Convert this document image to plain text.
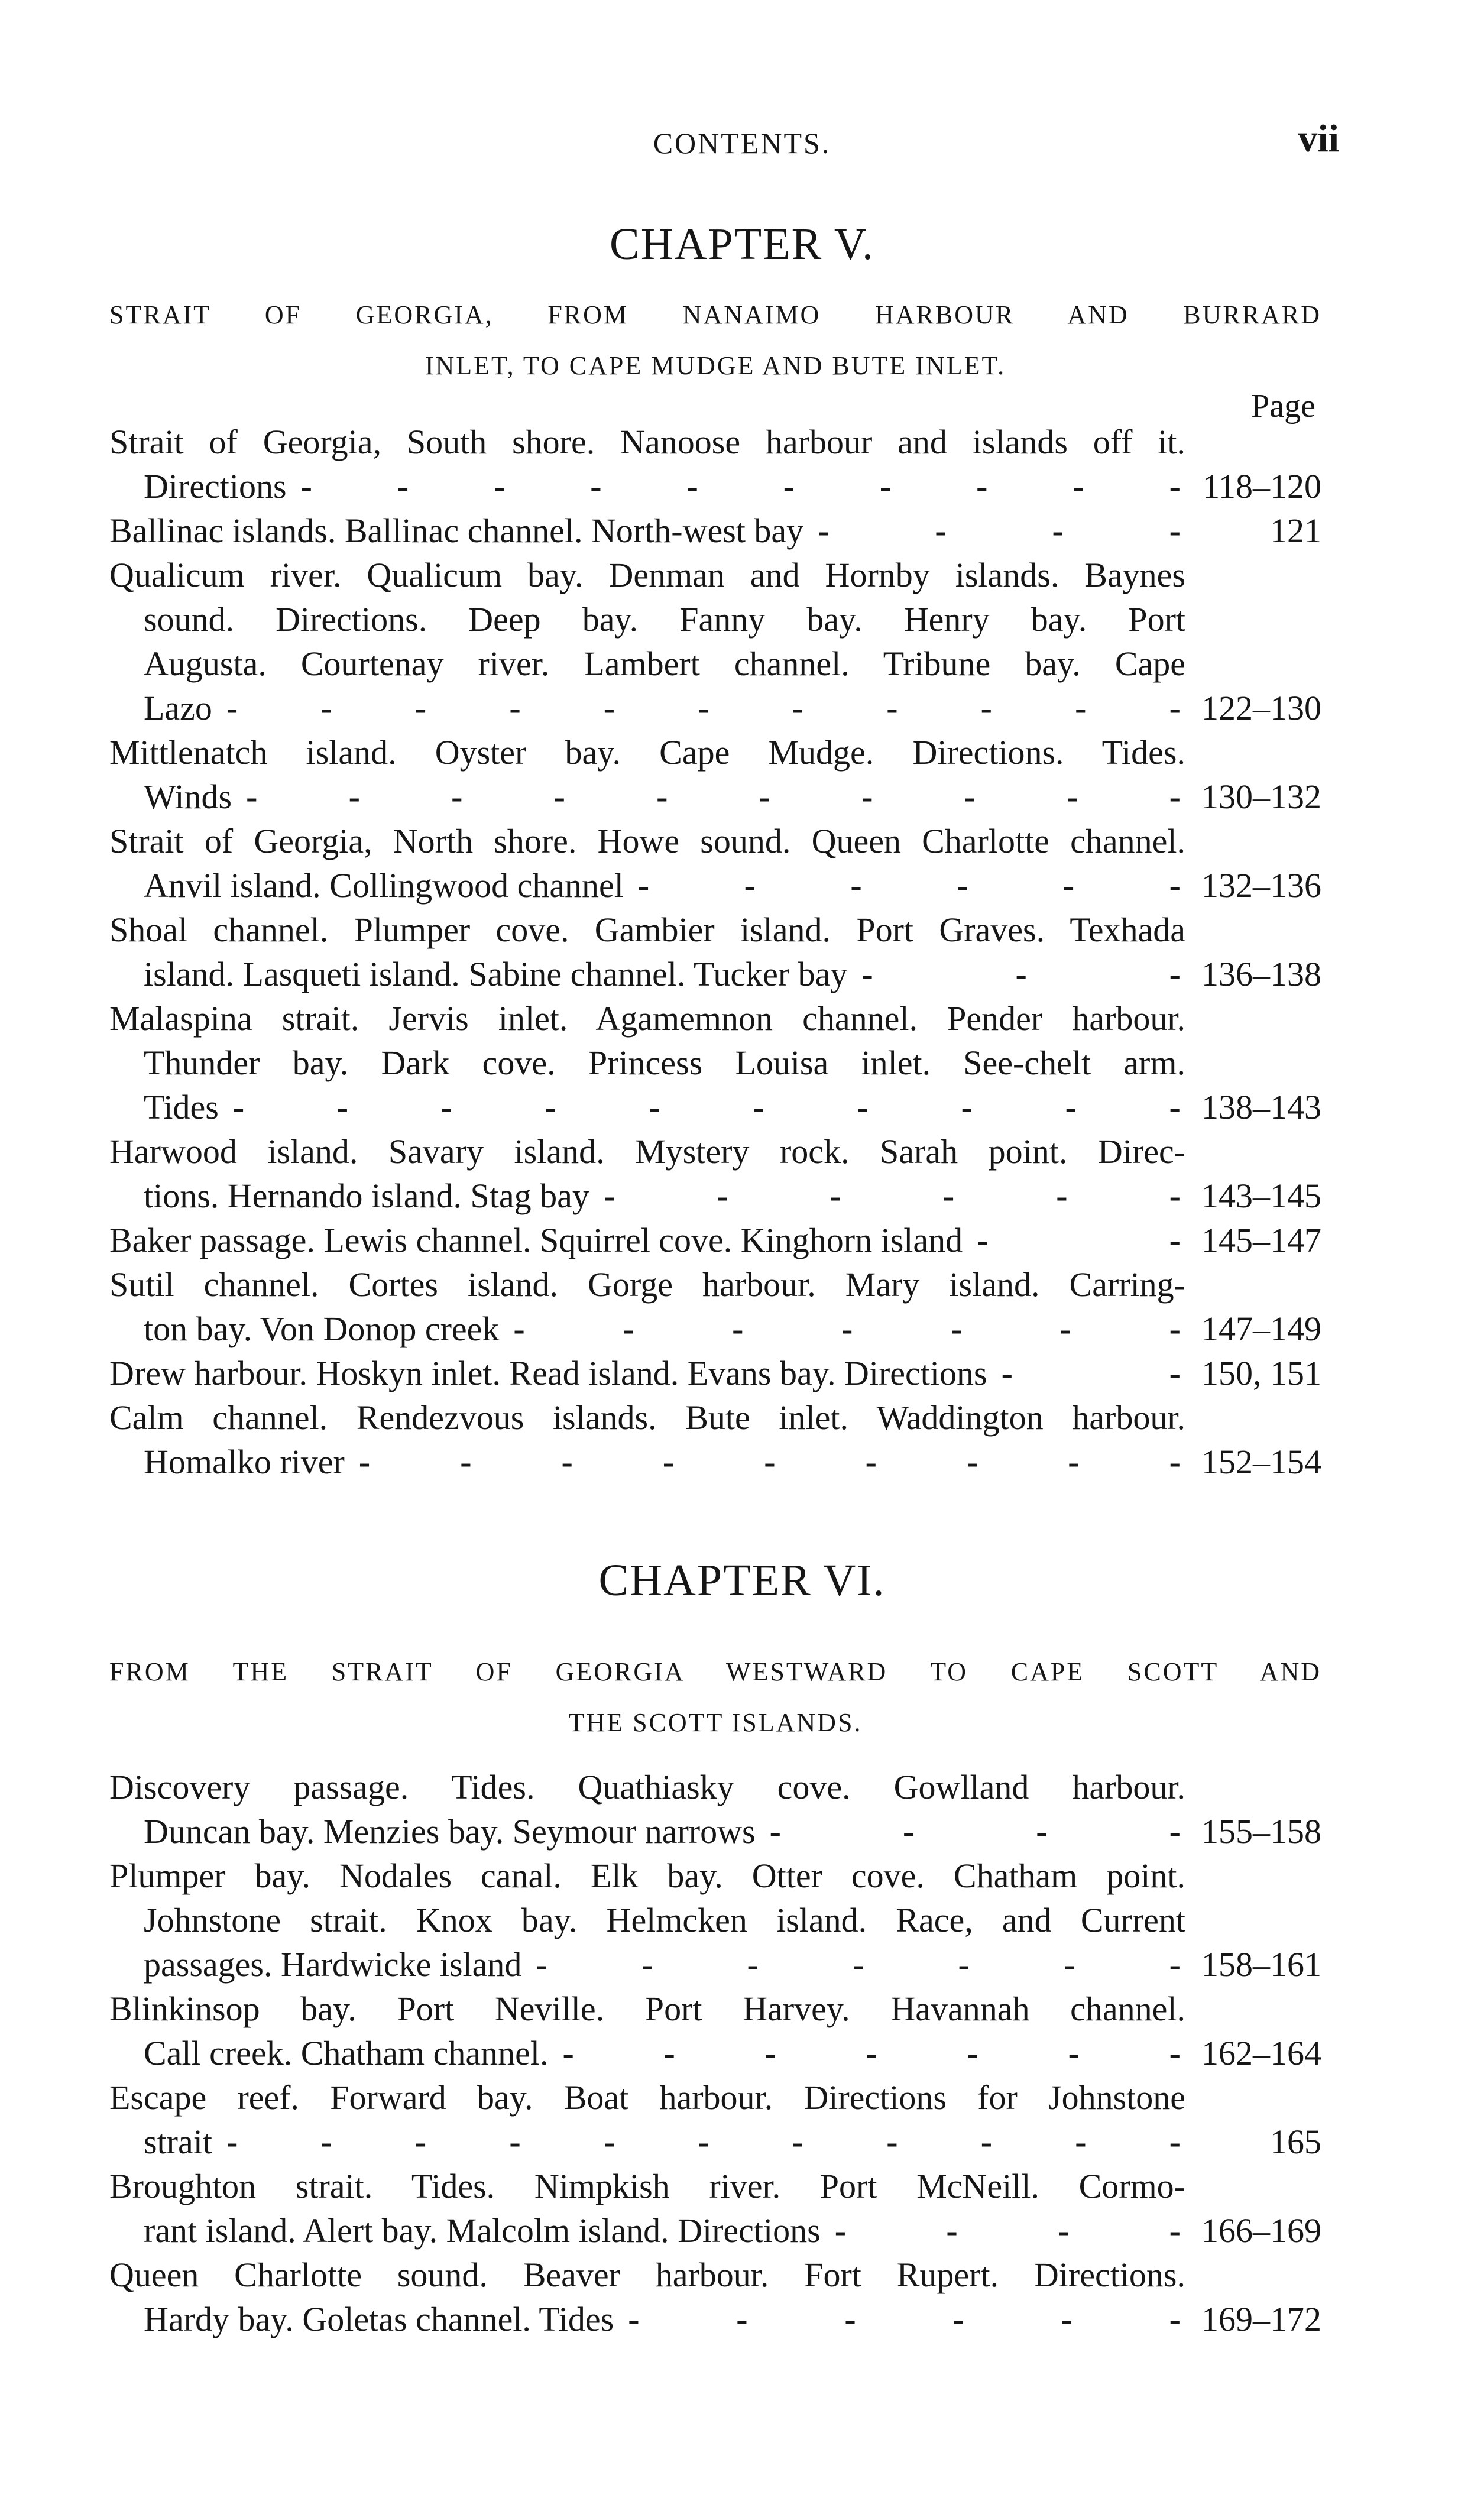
CONTENTS.	vii
CHAPTER V.
STRAIT OF GEORGIA, FROM NANAIMO HARBOUR AND BURRARD
INLET, TO CAPE MUDGE AND BUTE INLET.
Page
Strait of Georgia, South shore. Nanoose harbour and islands off it.
Directions - - - - - - - - - - 118–120
Ballinac islands. Ballinac channel. North-west bay -	-	-	-	121
Qualicum river. Qualicum bay. Denman and Hornby islands. Baynes
sound. Directions. Deep bay. Fanny bay. Henry bay. Port
Augusta. Courtenay river. Lambert channel. Tribune bay. Cape
Lazo - - - - - - - - - - - 122–130
Mittlenatch island. Oyster bay. Cape Mudge. Directions. Tides.
Winds -	-	-	-	-	-	-	-	-	- 130–132
Strait of Georgia, North shore. Howe sound. Queen Charlotte channel.
Anvil island. Collingwood channel -	-	-	-	-	- 132–136
Shoal channel. Plumper cove. Gambier island. Port Graves. Texhada
island. Lasqueti island. Sabine channel. Tucker bay -	-	- 136–138
Malaspina strait. Jervis inlet. Agamemnon channel. Pender harbour.
Thunder bay. Dark cove. Princess Louisa inlet. See-chelt arm.
Tides -	-	-	-	-	-	-	-	-	- 138–143
Harwood island. Savary island. Mystery rock. Sarah point. Direc-
tions. Hernando island. Stag bay -	-	-	-	-	- 143–145
Baker passage. Lewis channel. Squirrel cove. Kinghorn island -	- 145–147
Sutil channel. Cortes island. Gorge harbour. Mary island. Carring-
ton bay. Von Donop creek -	-	-	-	-	-	- 147–149
Drew harbour. Hoskyn inlet. Read island. Evans bay. Directions -	- 150, 151
Calm channel. Rendezvous islands. Bute inlet. Waddington harbour.
Homalko river -	-	-	-	-	-	-	-	- 152–154
CHAPTER VI.
FROM THE STRAIT OF GEORGIA WESTWARD TO CAPE SCOTT AND
THE SCOTT ISLANDS.
Discovery passage. Tides. Quathiasky cove. Gowlland harbour.
Duncan bay. Menzies bay. Seymour narrows -	-	-	- 155–158
Plumper bay. Nodales canal. Elk bay. Otter cove. Chatham point.
Johnstone strait. Knox bay. Helmcken island. Race, and Current
passages. Hardwicke island -	-	-	-	-	-	- 158–161
Blinkinsop bay. Port Neville. Port Harvey. Havannah channel.
Call creek. Chatham channel. -	-	-	-	-	-	- 162–164
Escape reef. Forward bay. Boat harbour. Directions for Johnstone
strait - - - - - - - - - - -	165
Broughton strait. Tides. Nimpkish river. Port McNeill. Cormo-
rant island. Alert bay. Malcolm island. Directions -	-	-	- 166–169
Queen Charlotte sound. Beaver harbour. Fort Rupert. Directions.
Hardy bay. Goletas channel. Tides -	-	-	-	-	- 169–172
